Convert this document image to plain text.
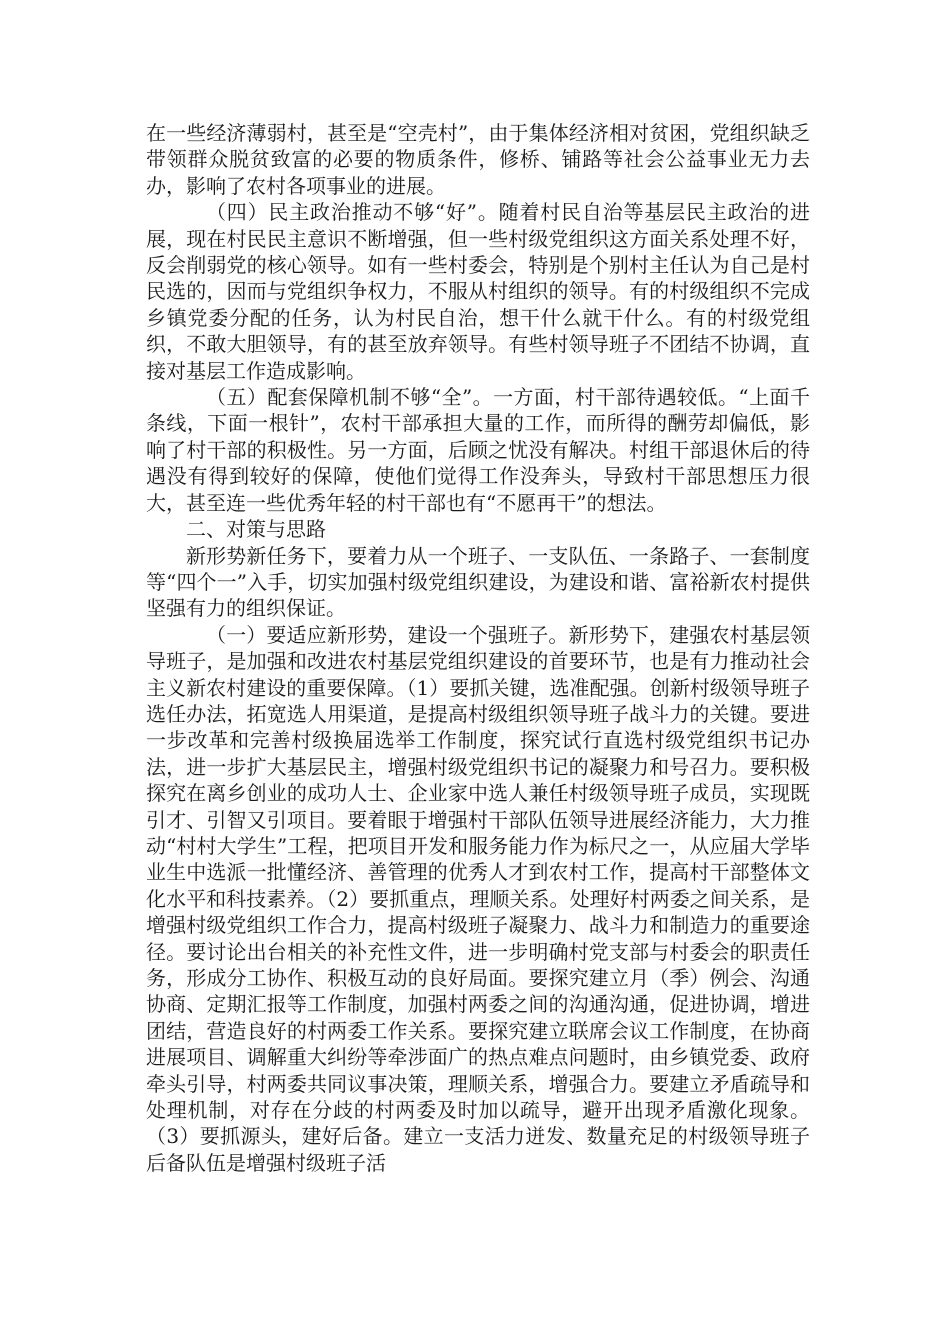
在一些经济薄弱村，甚至是“空壳村”，由于集体经济相对贫困，党组织缺乏带领群众脱贫致富的必要的物质条件，修桥、铺路等社会公益事业无力去办，影响了农村各项事业的进展。

（四）民主政治推动不够“好”。随着村民自治等基层民主政治的进展，现在村民民主意识不断增强，但一些村级党组织这方面关系处理不好，反会削弱党的核心领导。如有一些村委会，特别是个别村主任认为自己是村民选的，因而与党组织争权力，不服从村组织的领导。有的村级组织不完成乡镇党委分配的任务，认为村民自治，想干什么就干什么。有的村级党组织，不敢大胆领导，有的甚至放弃领导。有些村领导班子不团结不协调，直接对基层工作造成影响。

（五）配套保障机制不够“全”。一方面，村干部待遇较低。“上面千条线，下面一根针”，农村干部承担大量的工作，而所得的酬劳却偏低，影响了村干部的积极性。另一方面，后顾之忧没有解决。村组干部退休后的待遇没有得到较好的保障，使他们觉得工作没奔头，导致村干部思想压力很大，甚至连一些优秀年轻的村干部也有“不愿再干”的想法。

二、对策与思路

新形势新任务下，要着力从一个班子、一支队伍、一条路子、一套制度等“四个一”入手，切实加强村级党组织建设，为建设和谐、富裕新农村提供坚强有力的组织保证。

（一）要适应新形势，建设一个强班子。新形势下，建强农村基层领导班子，是加强和改进农村基层党组织建设的首要环节，也是有力推动社会主义新农村建设的重要保障。（1）要抓关键，选准配强。创新村级领导班子选任办法，拓宽选人用渠道，是提高村级组织领导班子战斗力的关键。要进一步改革和完善村级换届选举工作制度，探究试行直选村级党组织书记办法，进一步扩大基层民主，增强村级党组织书记的凝聚力和号召力。要积极探究在离乡创业的成功人士、企业家中选人兼任村级领导班子成员，实现既引才、引智又引项目。要着眼于增强村干部队伍领导进展经济能力，大力推动“村村大学生”工程，把项目开发和服务能力作为标尺之一，从应届大学毕业生中选派一批懂经济、善管理的优秀人才到农村工作，提高村干部整体文化水平和科技素养。（2）要抓重点，理顺关系。处理好村两委之间关系，是增强村级党组织工作合力，提高村级班子凝聚力、战斗力和制造力的重要途径。要讨论出台相关的补充性文件，进一步明确村党支部与村委会的职责任务，形成分工协作、积极互动的良好局面。要探究建立月（季）例会、沟通协商、定期汇报等工作制度，加强村两委之间的沟通沟通，促进协调，增进团结，营造良好的村两委工作关系。要探究建立联席会议工作制度，在协商进展项目、调解重大纠纷等牵涉面广的热点难点问题时，由乡镇党委、政府牵头引导，村两委共同议事决策，理顺关系，增强合力。要建立矛盾疏导和处理机制，对存在分歧的村两委及时加以疏导，避开出现矛盾激化现象。（3）要抓源头，建好后备。建立一支活力迸发、数量充足的村级领导班子后备队伍是增强村级班子活
